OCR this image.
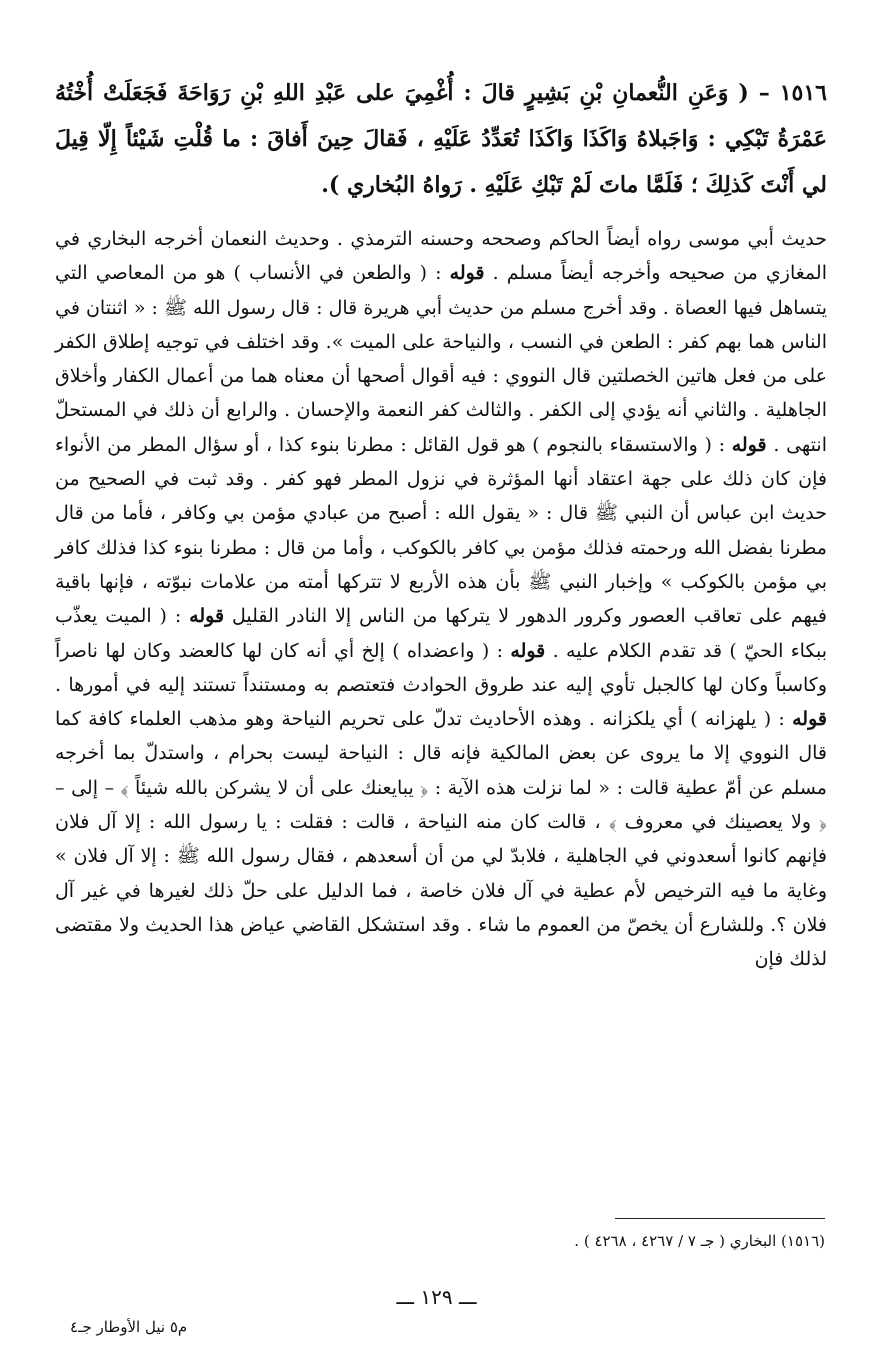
١٥١٦ – ( وَعَنِ النُّعمانِ بْنِ بَشِيرٍ قالَ : أُغْمِيَ على عَبْدِ اللهِ بْنِ رَوَاحَةَ فَجَعَلَتْ أُخْتُهُ عَمْرَةُ تَبْكِي : وَاجَبلاهُ وَاكَذَا وَاكَذَا تُعَدِّدُ عَلَيْهِ ، فَقالَ حِينَ أَفاقَ : ما قُلْتِ شَيْئاً إِلّا قِيلَ لي أَنْتَ كَذلِكَ ؛ فَلَمَّا ماتَ لَمْ تَبْكِ عَلَيْهِ . رَواهُ البُخاري ).

حديث أبي موسى رواه أيضاً الحاكم وصححه وحسنه الترمذي . وحديث النعمان أخرجه البخاري في المغازي من صحيحه وأخرجه أيضاً مسلم . قوله : ( والطعن في الأنساب ) هو من المعاصي التي يتساهل فيها العصاة . وقد أخرج مسلم من حديث أبي هريرة قال : قال رسول الله ﷺ : « اثنتان في الناس هما بهم كفر : الطعن في النسب ، والنياحة على الميت ». وقد اختلف في توجيه إطلاق الكفر على من فعل هاتين الخصلتين قال النووي : فيه أقوال أصحها أن معناه هما من أعمال الكفار وأخلاق الجاهلية . والثاني أنه يؤدي إلى الكفر . والثالث كفر النعمة والإحسان . والرابع أن ذلك في المستحلّ انتهى . قوله : ( والاستسقاء بالنجوم ) هو قول القائل : مطرنا بنوء كذا ، أو سؤال المطر من الأنواء فإن كان ذلك على جهة اعتقاد أنها المؤثرة في نزول المطر فهو كفر . وقد ثبت في الصحيح من حديث ابن عباس أن النبي ﷺ قال : « يقول الله : أصبح من عبادي مؤمن بي وكافر ، فأما من قال مطرنا بفضل الله ورحمته فذلك مؤمن بي كافر بالكوكب ، وأما من قال : مطرنا بنوء كذا فذلك كافر بي مؤمن بالكوكب » وإخبار النبي ﷺ بأن هذه الأربع لا تتركها أمته من علامات نبوّته ، فإنها باقية فيهم على تعاقب العصور وكرور الدهور لا يتركها من الناس إلا النادر القليل قوله : ( الميت يعذّب ببكاء الحيّ ) قد تقدم الكلام عليه . قوله : ( واعضداه ) إلخ أي أنه كان لها كالعضد وكان لها ناصراً وكاسباً وكان لها كالجبل تأوي إليه عند طروق الحوادث فتعتصم به ومستنداً تستند إليه في أمورها . قوله : ( يلهزانه ) أي يلكزانه . وهذه الأحاديث تدلّ على تحريم النياحة وهو مذهب العلماء كافة كما قال النووي إلا ما يروى عن بعض المالكية فإنه قال : النياحة ليست بحرام ، واستدلّ بما أخرجه مسلم عن أمّ عطية قالت : « لما نزلت هذه الآية : ﴿ يبايعنك على أن لا يشركن بالله شيئاً ﴾ – إلى – ﴿ ولا يعصينك في معروف ﴾ ، قالت كان منه النياحة ، قالت : فقلت : يا رسول الله : إلا آل فلان فإنهم كانوا أسعدوني في الجاهلية ، فلابدّ لي من أن أسعدهم ، فقال رسول الله ﷺ : إلا آل فلان » وغاية ما فيه الترخيص لأم عطية في آل فلان خاصة ، فما الدليل على حلّ ذلك لغيرها في غير آل فلان ؟. وللشارع أن يخصّ من العموم ما شاء . وقد استشكل القاضي عياض هذا الحديث ولا مقتضى لذلك فإن

(١٥١٦) البخاري ( جـ ٧ / ٤٢٦٧ ، ٤٢٦٨ ) .
ـــ ١٢٩ ـــ
م٥ نيل الأوطار جـ٤
